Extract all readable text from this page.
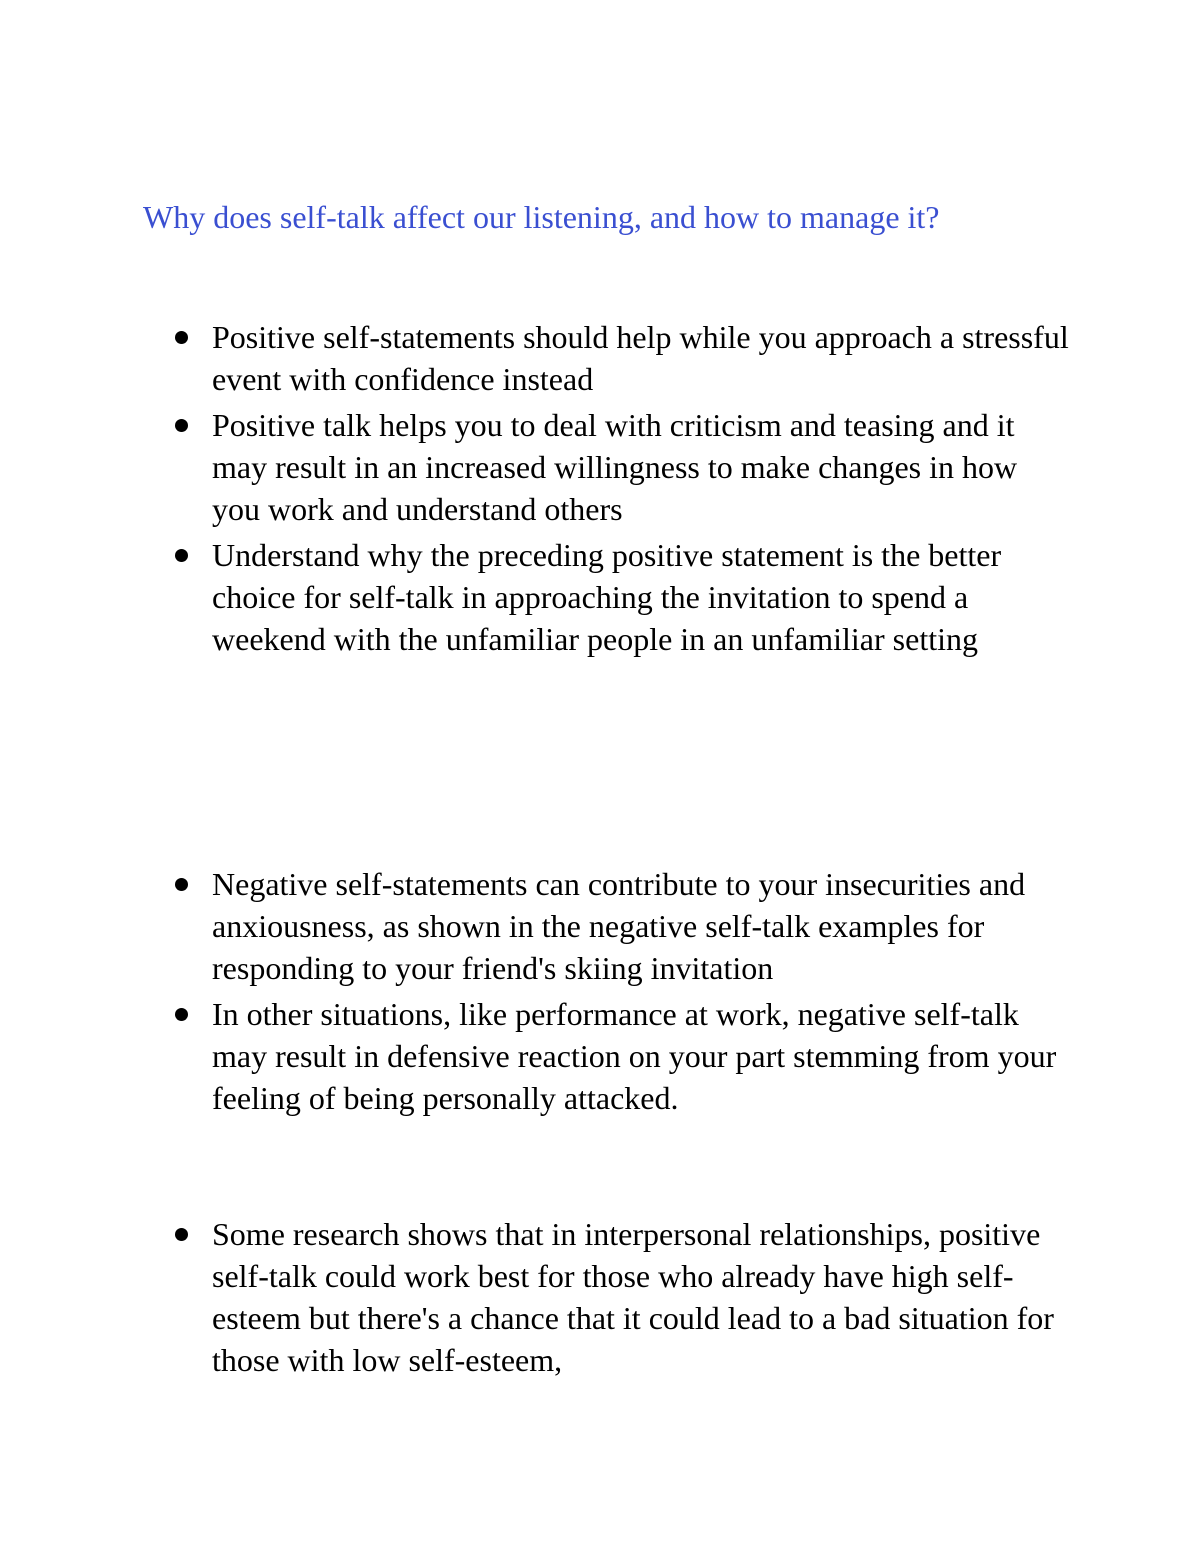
Why does self-talk affect our listening, and how to manage it?
Positive self-statements should help while you approach a stressful event with confidence instead
Positive talk helps you to deal with criticism and teasing and it may result in an increased willingness to make changes in how you work and understand others
Understand why the preceding positive statement is the better choice for self-talk in approaching the invitation to spend a weekend with the unfamiliar people in an unfamiliar setting
Negative self-statements can contribute to your insecurities and anxiousness, as shown in the negative self-talk examples for responding to your friend's skiing invitation
In other situations, like performance at work, negative self-talk may result in defensive reaction on your part stemming from your feeling of being personally attacked.
Some research shows that in interpersonal relationships, positive self-talk could work best for those who already have high self-esteem but there's a chance that it could lead to a bad situation for those with low self-esteem,
